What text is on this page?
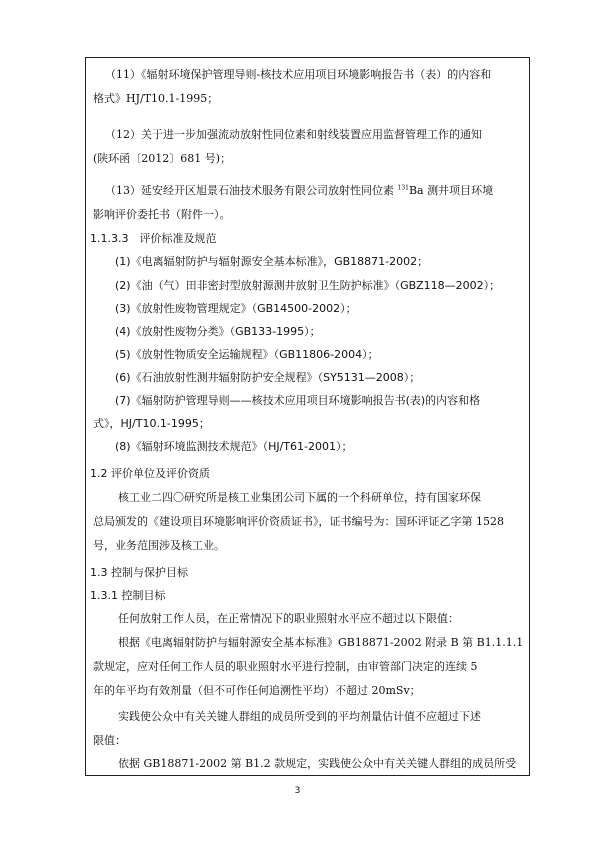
（11）《辐射环境保护管理导则-核技术应用项目环境影响报告书（表）的内容和
格式》HJ/T10.1-1995；
（12）关于进一步加强流动放射性同位素和射线装置应用监督管理工作的通知
(陕环函〔2012〕681 号)；
（13）延安经开区旭景石油技术服务有限公司放射性同位素 $^{131}$Ba 测井项目环境
影响评价委托书（附件一）。
1.1.3.3　评价标准及规范
(1)《电离辐射防护与辐射源安全基本标准》，GB18871-2002；
(2)《油（气）田非密封型放射源测井放射卫生防护标准》（GBZ118—2002）；
(3)《放射性废物管理规定》（GB14500-2002）；
(4)《放射性废物分类》（GB133-1995）；
(5)《放射性物质安全运输规程》（GB11806-2004）；
(6)《石油放射性测井辐射防护安全规程》（SY5131—2008）；
(7)《辐射防护管理导则——核技术应用项目环境影响报告书(表)的内容和格
式》，HJ/T10.1-1995；
(8)《辐射环境监测技术规范》（HJ/T61-2001）；
1.2 评价单位及评价资质
核工业二四〇研究所是核工业集团公司下属的一个科研单位，持有国家环保
总局颁发的《建设项目环境影响评价资质证书》，证书编号为：国环评证乙字第 1528
号，业务范围涉及核工业。
1.3 控制与保护目标
1.3.1 控制目标
任何放射工作人员，在正常情况下的职业照射水平应不超过以下限值：
根据《电离辐射防护与辐射源安全基本标准》GB18871-2002 附录 B 第 B1.1.1.1
款规定，应对任何工作人员的职业照射水平进行控制，由审管部门决定的连续 5
年的年平均有效剂量（但不可作任何追溯性平均）不超过 20mSv；
实践使公众中有关关键人群组的成员所受到的平均剂量估计值不应超过下述
限值：
依据 GB18871-2002 第 B1.2 款规定，实践使公众中有关关键人群组的成员所受
3
